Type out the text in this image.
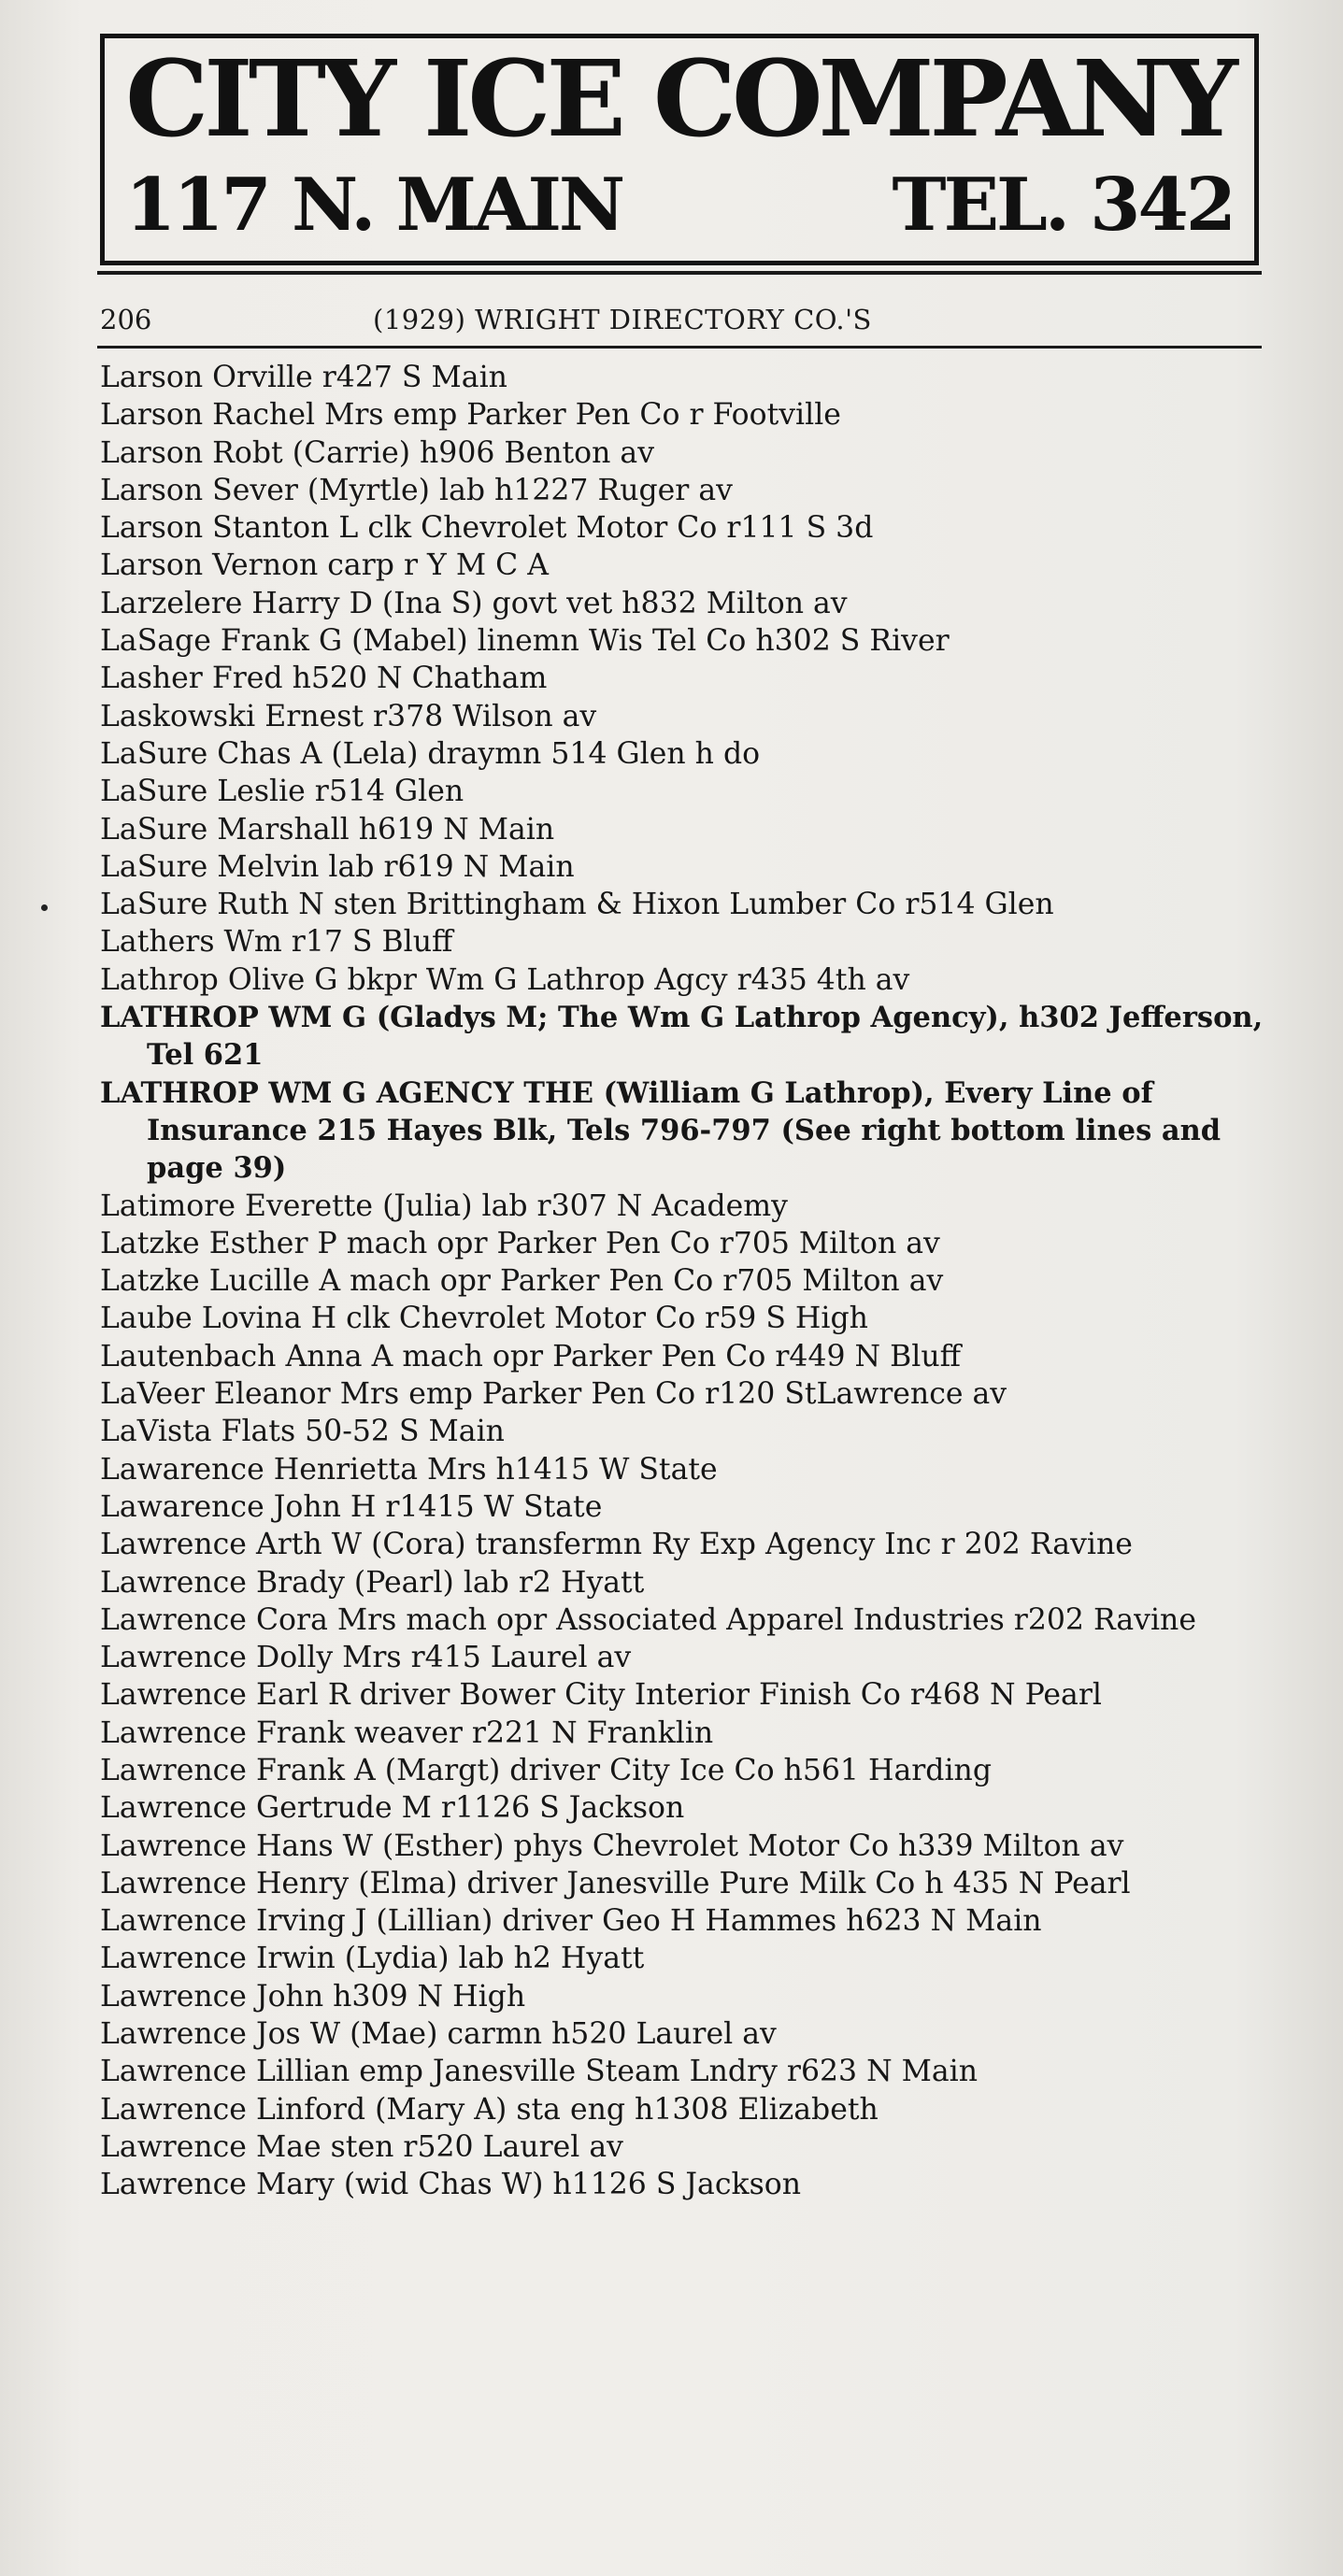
CITY ICE COMPANY
117 N. MAIN	TEL. 342
206	(1929) WRIGHT DIRECTORY CO.'S
Larson Orville r427 S Main
Larson Rachel Mrs emp Parker Pen Co r Footville
Larson Robt (Carrie) h906 Benton av
Larson Sever (Myrtle) lab h1227 Ruger av
Larson Stanton L clk Chevrolet Motor Co r111 S 3d
Larson Vernon carp r Y M C A
Larzelere Harry D (Ina S) govt vet h832 Milton av
LaSage Frank G (Mabel) linemn Wis Tel Co h302 S River
Lasher Fred h520 N Chatham
Laskowski Ernest r378 Wilson av
LaSure Chas A (Lela) draymn 514 Glen h do
LaSure Leslie r514 Glen
LaSure Marshall h619 N Main
LaSure Melvin lab r619 N Main
LaSure Ruth N sten Brittingham & Hixon Lumber Co r514 Glen
Lathers Wm r17 S Bluff
Lathrop Olive G bkpr Wm G Lathrop Agcy r435 4th av
LATHROP WM G (Gladys M; The Wm G Lathrop Agency), h302 Jefferson, Tel 621
LATHROP WM G AGENCY THE (William G Lathrop), Every Line of Insurance 215 Hayes Blk, Tels 796-797 (See right bottom lines and page 39)
Latimore Everette (Julia) lab r307 N Academy
Latzke Esther P mach opr Parker Pen Co r705 Milton av
Latzke Lucille A mach opr Parker Pen Co r705 Milton av
Laube Lovina H clk Chevrolet Motor Co r59 S High
Lautenbach Anna A mach opr Parker Pen Co r449 N Bluff
LaVeer Eleanor Mrs emp Parker Pen Co r120 StLawrence av
LaVista Flats 50-52 S Main
Lawarence Henrietta Mrs h1415 W State
Lawarence John H r1415 W State
Lawrence Arth W (Cora) transfermn Ry Exp Agency Inc r 202 Ravine
Lawrence Brady (Pearl) lab r2 Hyatt
Lawrence Cora Mrs mach opr Associated Apparel Industries r202 Ravine
Lawrence Dolly Mrs r415 Laurel av
Lawrence Earl R driver Bower City Interior Finish Co r468 N Pearl
Lawrence Frank weaver r221 N Franklin
Lawrence Frank A (Margt) driver City Ice Co h561 Harding
Lawrence Gertrude M r1126 S Jackson
Lawrence Hans W (Esther) phys Chevrolet Motor Co h339 Milton av
Lawrence Henry (Elma) driver Janesville Pure Milk Co h 435 N Pearl
Lawrence Irving J (Lillian) driver Geo H Hammes h623 N Main
Lawrence Irwin (Lydia) lab h2 Hyatt
Lawrence John h309 N High
Lawrence Jos W (Mae) carmn h520 Laurel av
Lawrence Lillian emp Janesville Steam Lndry r623 N Main
Lawrence Linford (Mary A) sta eng h1308 Elizabeth
Lawrence Mae sten r520 Laurel av
Lawrence Mary (wid Chas W) h1126 S Jackson
